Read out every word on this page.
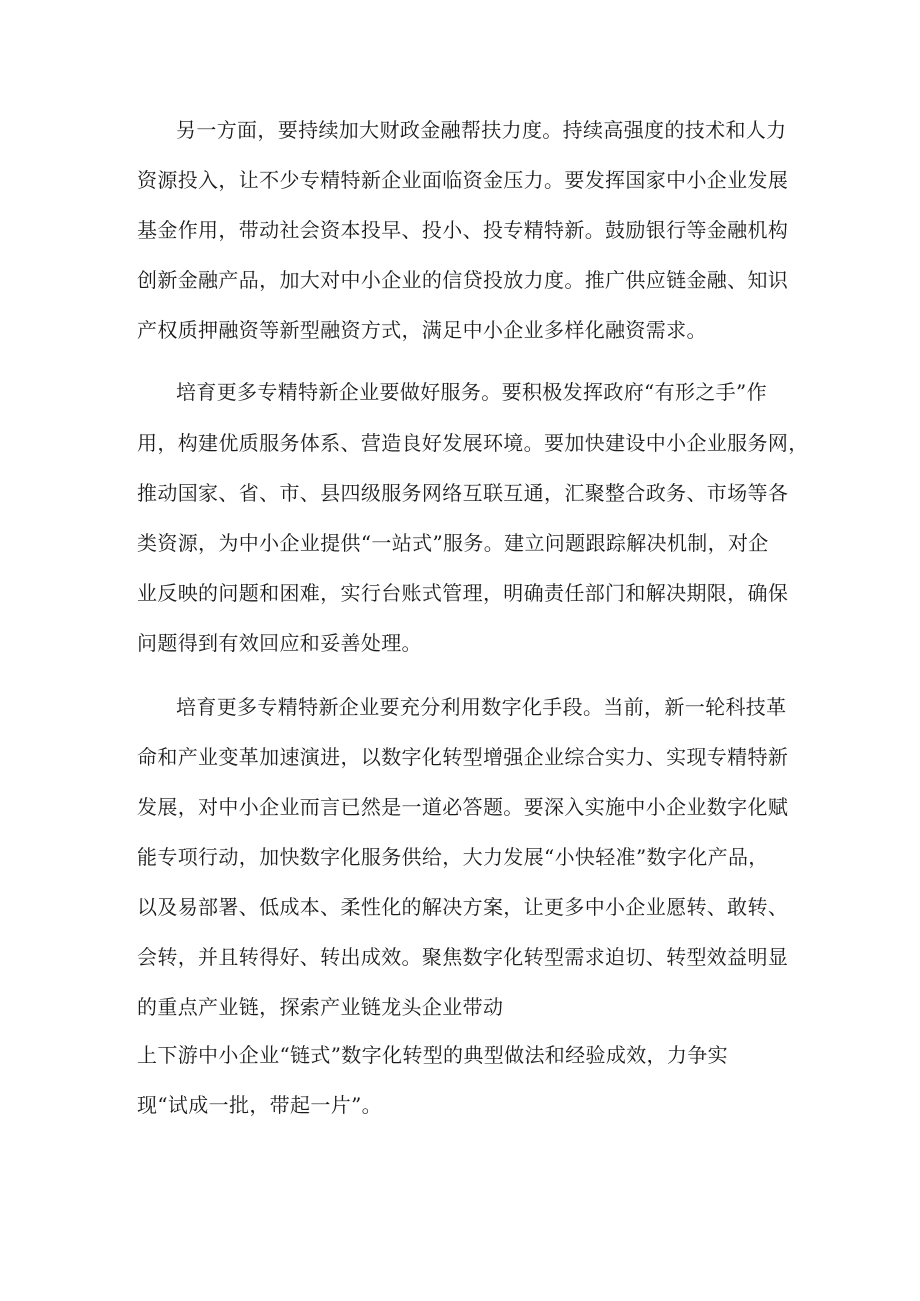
另一方面，要持续加大财政金融帮扶力度。持续高强度的技术和人力
资源投入，让不少专精特新企业面临资金压力。要发挥国家中小企业发展
基金作用，带动社会资本投早、投小、投专精特新。鼓励银行等金融机构
创新金融产品，加大对中小企业的信贷投放力度。推广供应链金融、知识
产权质押融资等新型融资方式，满足中小企业多样化融资需求。
培育更多专精特新企业要做好服务。要积极发挥政府“有形之手”作
用，构建优质服务体系、营造良好发展环境。要加快建设中小企业服务网，
推动国家、省、市、县四级服务网络互联互通，汇聚整合政务、市场等各
类资源，为中小企业提供“一站式”服务。建立问题跟踪解决机制，对企
业反映的问题和困难，实行台账式管理，明确责任部门和解决期限，确保
问题得到有效回应和妥善处理。
培育更多专精特新企业要充分利用数字化手段。当前，新一轮科技革
命和产业变革加速演进，以数字化转型增强企业综合实力、实现专精特新
发展，对中小企业而言已然是一道必答题。要深入实施中小企业数字化赋
能专项行动，加快数字化服务供给，大力发展“小快轻准”数字化产品，
以及易部署、低成本、柔性化的解决方案，让更多中小企业愿转、敢转、
会转，并且转得好、转出成效。聚焦数字化转型需求迫切、转型效益明显
的重点产业链，探索产业链龙头企业带动
上下游中小企业“链式”数字化转型的典型做法和经验成效，力争实
现“试成一批，带起一片”。
